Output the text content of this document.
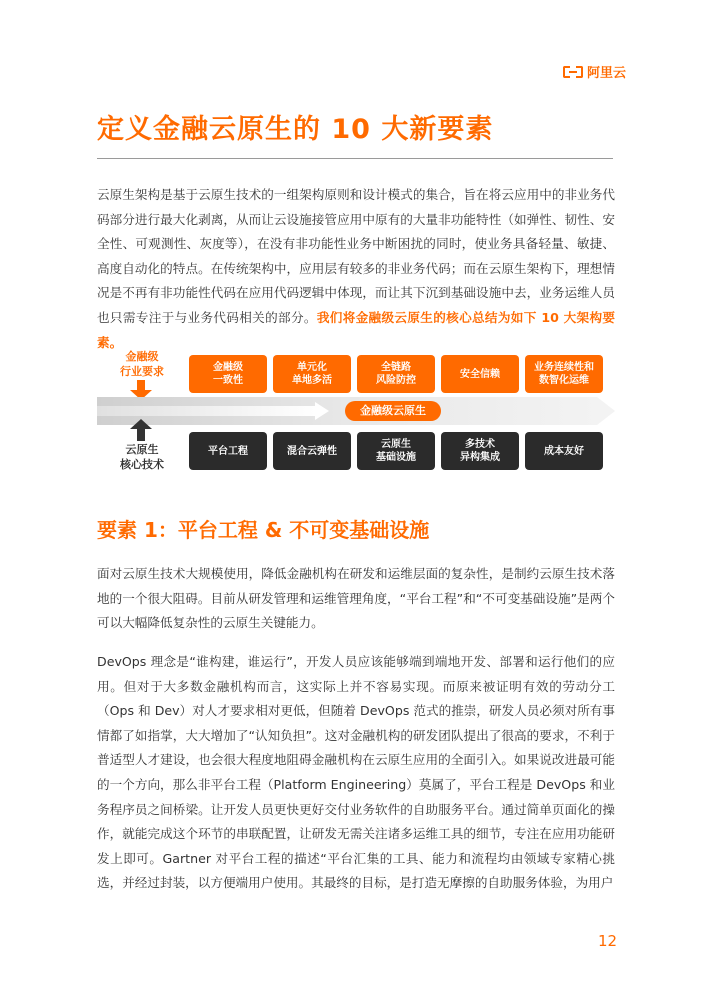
阿里云
定义金融云原生的 10 大新要素

云原生架构是基于云原生技术的一组架构原则和设计模式的集合，旨在将云应用中的非业务代码部分进行最大化剥离，从而让云设施接管应用中原有的大量非功能特性（如弹性、韧性、安全性、可观测性、灰度等），在没有非功能性业务中断困扰的同时，使业务具备轻量、敏捷、高度自动化的特点。在传统架构中，应用层有较多的非业务代码；而在云原生架构下，理想情况是不再有非功能性代码在应用代码逻辑中体现，而让其下沉到基础设施中去，业务运维人员也只需专注于与业务代码相关的部分。我们将金融级云原生的核心总结为如下 10 大架构要素。

金融级
行业要求
金融级云原生
云原生
核心技术
金融级
一致性
单元化
单地多活
全链路
风险防控
安全信赖
业务连续性和
数智化运维
平台工程	混合云弹性
云原生
基础设施
多技术
异构集成
成本友好
要素 1：平台工程 & 不可变基础设施

面对云原生技术大规模使用，降低金融机构在研发和运维层面的复杂性，是制约云原生技术落地的一个很大阻碍。目前从研发管理和运维管理角度，“平台工程”和“不可变基础设施”是两个可以大幅降低复杂性的云原生关键能力。

DevOps 理念是“谁构建，谁运行”，开发人员应该能够端到端地开发、部署和运行他们的应用。但对于大多数金融机构而言，这实际上并不容易实现。而原来被证明有效的劳动分工（Ops 和 Dev）对人才要求相对更低，但随着 DevOps 范式的推崇，研发人员必须对所有事情都了如指掌，大大增加了“认知负担”。这对金融机构的研发团队提出了很高的要求，不利于普适型人才建设，也会很大程度地阻碍金融机构在云原生应用的全面引入。如果说改进最可能的一个方向，那么非平台工程（Platform Engineering）莫属了，平台工程是 DevOps 和业务程序员之间桥梁。让开发人员更快更好交付业务软件的自助服务平台。通过简单页面化的操作，就能完成这个环节的串联配置，让研发无需关注诸多运维工具的细节，专注在应用功能研发上即可。Gartner 对平台工程的描述“平台汇集的工具、能力和流程均由领域专家精心挑选，并经过封装，以方便端用户使用。其最终的目标，是打造无摩擦的自助服务体验，为用户

12
